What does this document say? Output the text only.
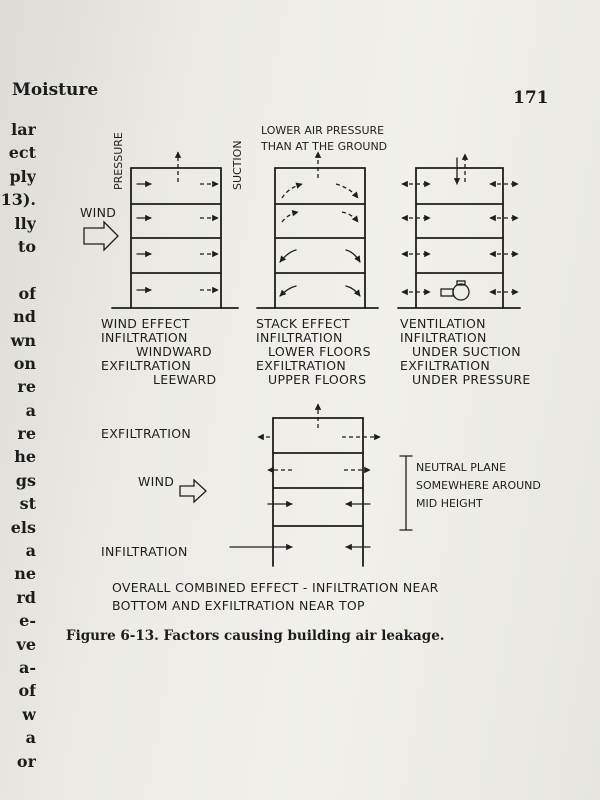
Moisture	171
lar
ect
ply
13).
lly
to
of
nd
wn
on
re
a
re
he
gs
st
els
a
ne
rd
e-
ve
a-
of
w
a
or
PRESSURE	SUCTION
WIND
WIND EFFECT
INFILTRATION
WINDWARD
EXFILTRATION
LEEWARD
LOWER AIR PRESSURE
THAN AT THE GROUND
STACK EFFECT
INFILTRATION
LOWER FLOORS
EXFILTRATION
UPPER FLOORS
VENTILATION
INFILTRATION
UNDER SUCTION
EXFILTRATION
UNDER PRESSURE
EXFILTRATION
INFILTRATION
WIND
NEUTRAL PLANE
SOMEWHERE AROUND
MID HEIGHT
OVERALL COMBINED EFFECT - INFILTRATION NEAR
BOTTOM AND EXFILTRATION NEAR TOP
Figure 6-13. Factors causing building air leakage.
